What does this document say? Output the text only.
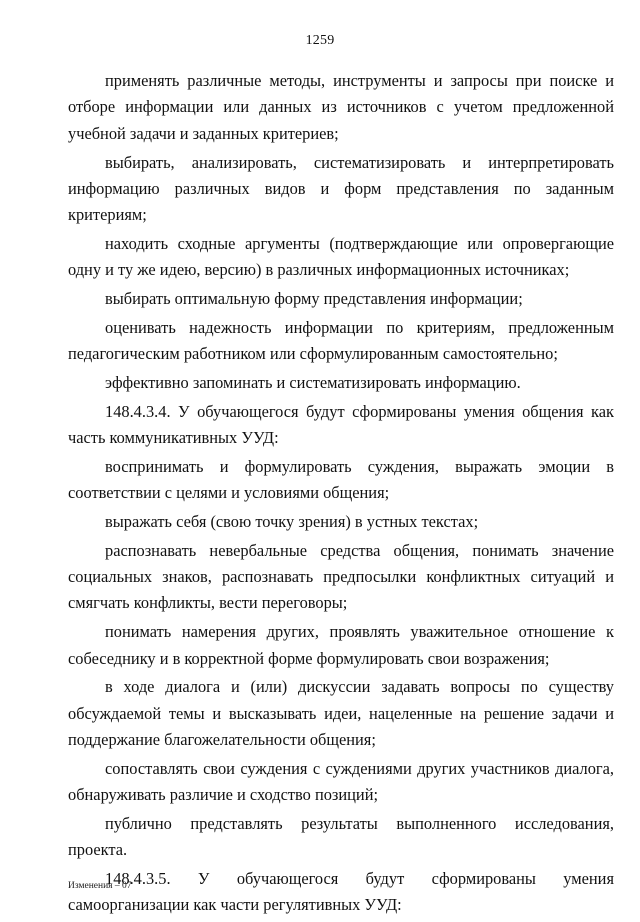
1259

применять различные методы, инструменты и запросы при поиске и отборе информации или данных из источников с учетом предложенной учебной задачи и заданных критериев;

выбирать, анализировать, систематизировать и интерпретировать информацию различных видов и форм представления по заданным критериям;

находить сходные аргументы (подтверждающие или опровергающие одну и ту же идею, версию) в различных информационных источниках;

выбирать оптимальную форму представления информации;

оценивать надежность информации по критериям, предложенным педагогическим работником или сформулированным самостоятельно;

эффективно запоминать и систематизировать информацию.

148.4.3.4. У обучающегося будут сформированы умения общения как часть коммуникативных УУД:

воспринимать и формулировать суждения, выражать эмоции в соответствии с целями и условиями общения;

выражать себя (свою точку зрения) в устных текстах;

распознавать невербальные средства общения, понимать значение социальных знаков, распознавать предпосылки конфликтных ситуаций и смягчать конфликты, вести переговоры;

понимать намерения других, проявлять уважительное отношение к собеседнику и в корректной форме формулировать свои возражения;

в ходе диалога и (или) дискуссии задавать вопросы по существу обсуждаемой темы и высказывать идеи, нацеленные на решение задачи и поддержание благожелательности общения;

сопоставлять свои суждения с суждениями других участников диалога, обнаруживать различие и сходство позиций;

публично представлять результаты выполненного исследования, проекта.

148.4.3.5. У обучающегося будут сформированы умения самоорганизации как части регулятивных УУД:

Изменения – 07
